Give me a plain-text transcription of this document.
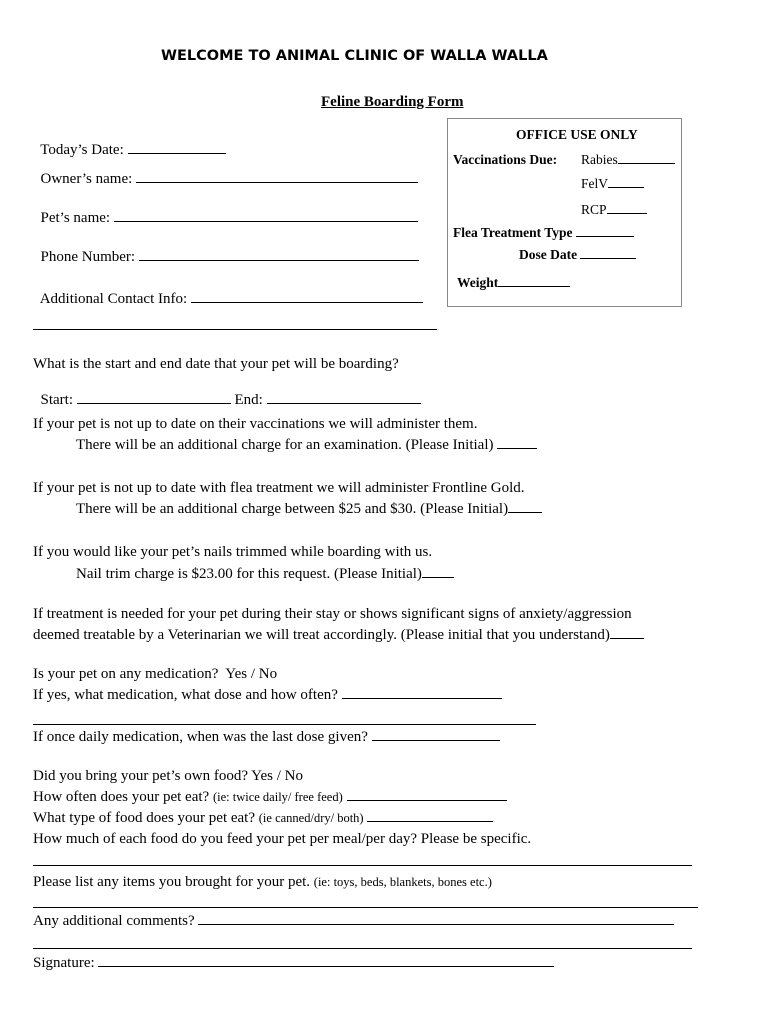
WELCOME TO ANIMAL CLINIC OF WALLA WALLA
Feline Boarding Form

Today’s Date:

Owner’s name:

Pet’s name:

Phone Number:

Additional Contact Info:

OFFICE USE ONLY
Vaccinations Due: Rabies
FelV
RCP
Flea Treatment Type
Dose Date
Weight
What is the start and end date that your pet will be boarding?

Start:	End:

If your pet is not up to date on their vaccinations we will administer them.
There will be an additional charge for an examination. (Please Initial)
If your pet is not up to date with flea treatment we will administer Frontline Gold.
There will be an additional charge between $25 and $30. (Please Initial)
If you would like your pet’s nails trimmed while boarding with us.
Nail trim charge is $23.00 for this request. (Please Initial)
If treatment is needed for your pet during their stay or shows significant signs of anxiety/aggression
deemed treatable by a Veterinarian we will treat accordingly. (Please initial that you understand)
Is your pet on any medication?  Yes / No
If yes, what medication, what dose and how often?
If once daily medication, when was the last dose given?
Did you bring your pet’s own food? Yes / No
How often does your pet eat? (ie: twice daily/ free feed)
What type of food does your pet eat? (ie canned/dry/ both)
How much of each food do you feed your pet per meal/per day? Please be specific.
Please list any items you brought for your pet. (ie: toys, beds, blankets, bones etc.)
Any additional comments?
Signature:
